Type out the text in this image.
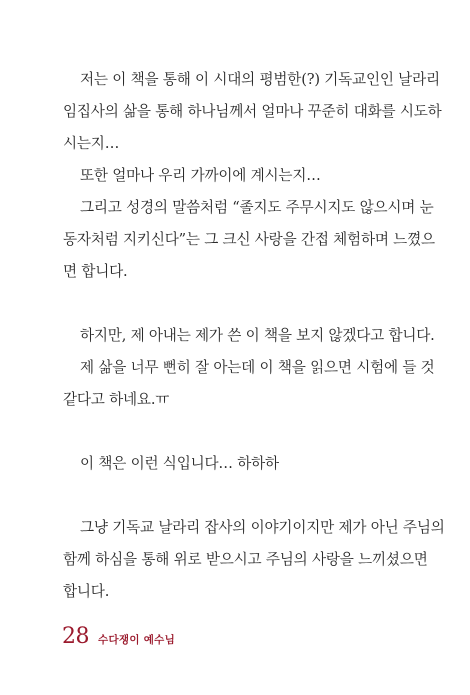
저는 이 책을 통해 이 시대의 평범한(?) 기독교인인 날라리
임집사의 삶을 통해 하나님께서 얼마나 꾸준히 대화를 시도하
시는지…

또한 얼마나 우리 가까이에 계시는지…

그리고 성경의 말씀처럼 “졸지도 주무시지도 않으시며 눈
동자처럼 지키신다”는 그 크신 사랑을 간접 체험하며 느꼈으
면 합니다.

하지만, 제 아내는 제가 쓴 이 책을 보지 않겠다고 합니다.

제 삶을 너무 뻔히 잘 아는데 이 책을 읽으면 시험에 들 것
같다고 하네요.ㅠ

이 책은 이런 식입니다… 하하하

그냥 기독교 날라리 잡사의 이야기이지만 제가 아닌 주님의
함께 하심을 통해 위로 받으시고 주님의 사랑을 느끼셨으면
합니다.

28 수다쟁이 예수님
